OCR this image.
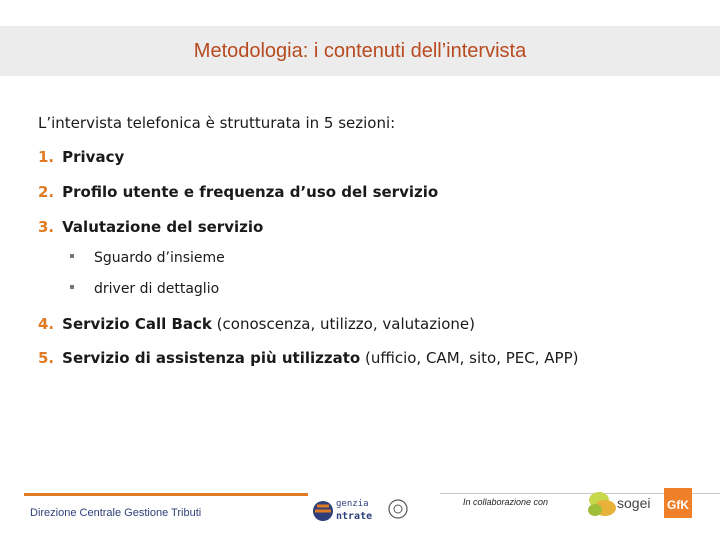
Metodologia: i contenuti dell’intervista
L’intervista telefonica è strutturata in 5 sezioni:
1. Privacy
2. Profilo utente e frequenza d’uso del servizio
3. Valutazione del servizio
Sguardo d’insieme
driver di dettaglio
4. Servizio Call Back (conoscenza, utilizzo, valutazione)
5. Servizio di assistenza più utilizzato (ufficio, CAM, sito, PEC, APP)
Direzione Centrale Gestione Tributi
genzia
ntrate
In collaborazione con	sogei GfK
